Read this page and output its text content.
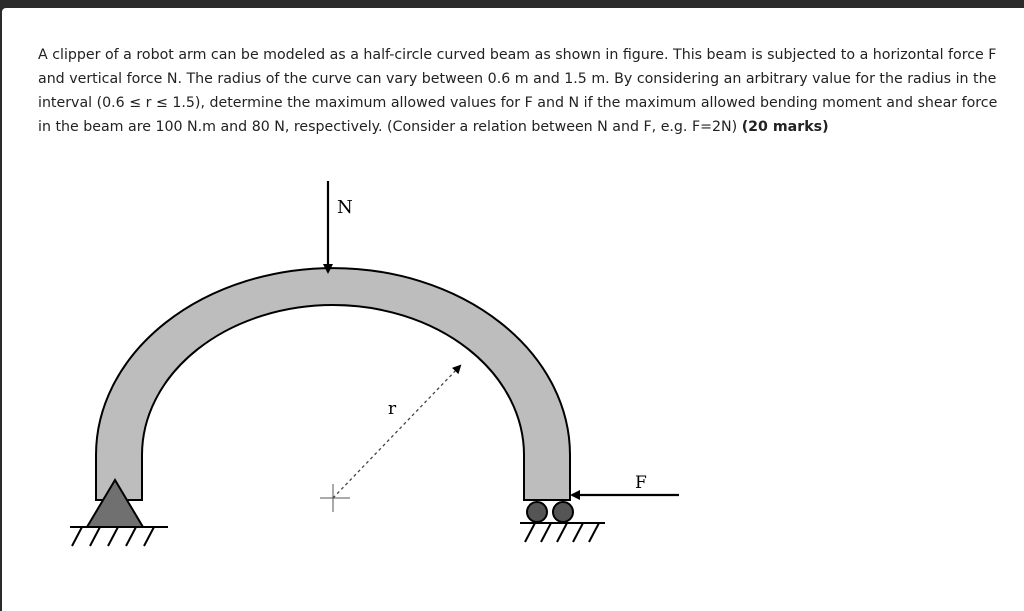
A clipper of a robot arm can be modeled as a half-circle curved beam as shown in figure. This beam is subjected to a horizontal force F and vertical force N. The radius of the curve can vary between 0.6 m and 1.5 m. By considering an arbitrary value for the radius in the interval (0.6 ≤ r ≤ 1.5), determine the maximum allowed values for F and N if the maximum allowed bending moment and shear force in the beam are 100 N.m and 80 N, respectively. (Consider a relation between N and F, e.g. F=2N) (20 marks)

r
N
F
